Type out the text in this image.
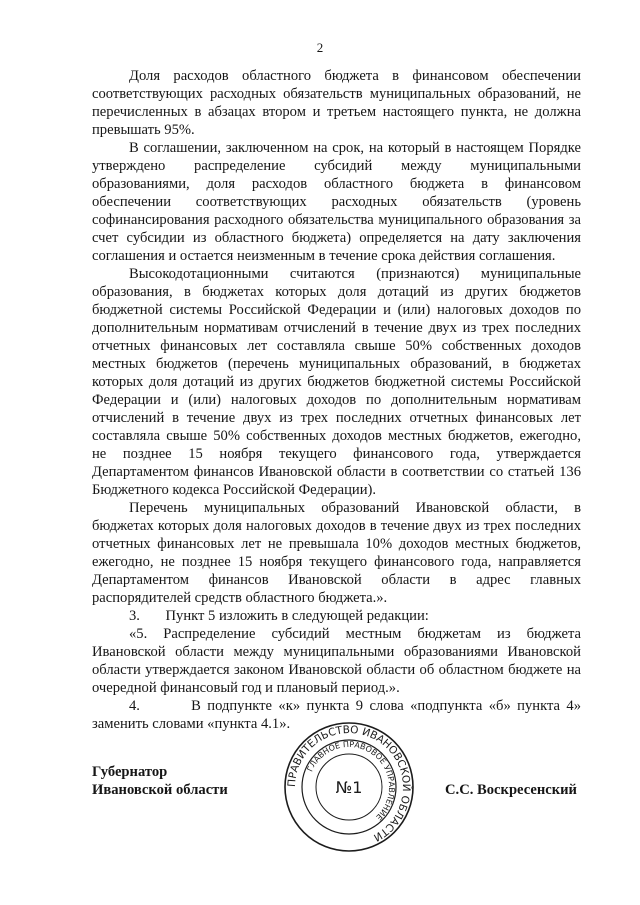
2

Доля расходов областного бюджета в финансовом обеспечении соответствующих расходных обязательств муниципальных образований, не перечисленных в абзацах втором и третьем настоящего пункта, не должна превышать 95%.

В соглашении, заключенном на срок, на который в настоящем Порядке утверждено распределение субсидий между муниципальными образованиями, доля расходов областного бюджета в финансовом обеспечении соответствующих расходных обязательств (уровень софинансирования расходного обязательства муниципального образования за счет субсидии из областного бюджета) определяется на дату заключения соглашения и остается неизменным в течение срока действия соглашения.

Высокодотационными считаются (признаются) муниципальные образования, в бюджетах которых доля дотаций из других бюджетов бюджетной системы Российской Федерации и (или) налоговых доходов по дополнительным нормативам отчислений в течение двух из трех последних отчетных финансовых лет составляла свыше 50% собственных доходов местных бюджетов (перечень муниципальных образований, в бюджетах которых доля дотаций из других бюджетов бюджетной системы Российской Федерации и (или) налоговых доходов по дополнительным нормативам отчислений в течение двух из трех последних отчетных финансовых лет составляла свыше 50% собственных доходов местных бюджетов, ежегодно, не позднее 15 ноября текущего финансового года, утверждается Департаментом финансов Ивановской области в соответствии со статьей 136 Бюджетного кодекса Российской Федерации).

Перечень муниципальных образований Ивановской области, в бюджетах которых доля налоговых доходов в течение двух из трех последних отчетных финансовых лет не превышала 10% доходов местных бюджетов, ежегодно, не позднее 15 ноября текущего финансового года, направляется Департаментом финансов Ивановской области в адрес главных распорядителей средств областного бюджета.».

3.       Пункт 5 изложить в следующей редакции:

«5. Распределение субсидий местным бюджетам из бюджета Ивановской области между муниципальными образованиями Ивановской области утверждается законом Ивановской области об областном бюджете на очередной финансовый год и плановый период.».

4.        В подпункте «к» пункта 9 слова «подпункта «б» пункта 4» заменить словами «пункта 4.1».

Губернатор
Ивановской области	С.С. Воскресенский
ПРАВИТЕЛЬСТВО ИВАНОВСКОЙ ОБЛАСТИ
ГЛАВНОЕ ПРАВОВОЕ УПРАВЛЕНИЕ
№1
